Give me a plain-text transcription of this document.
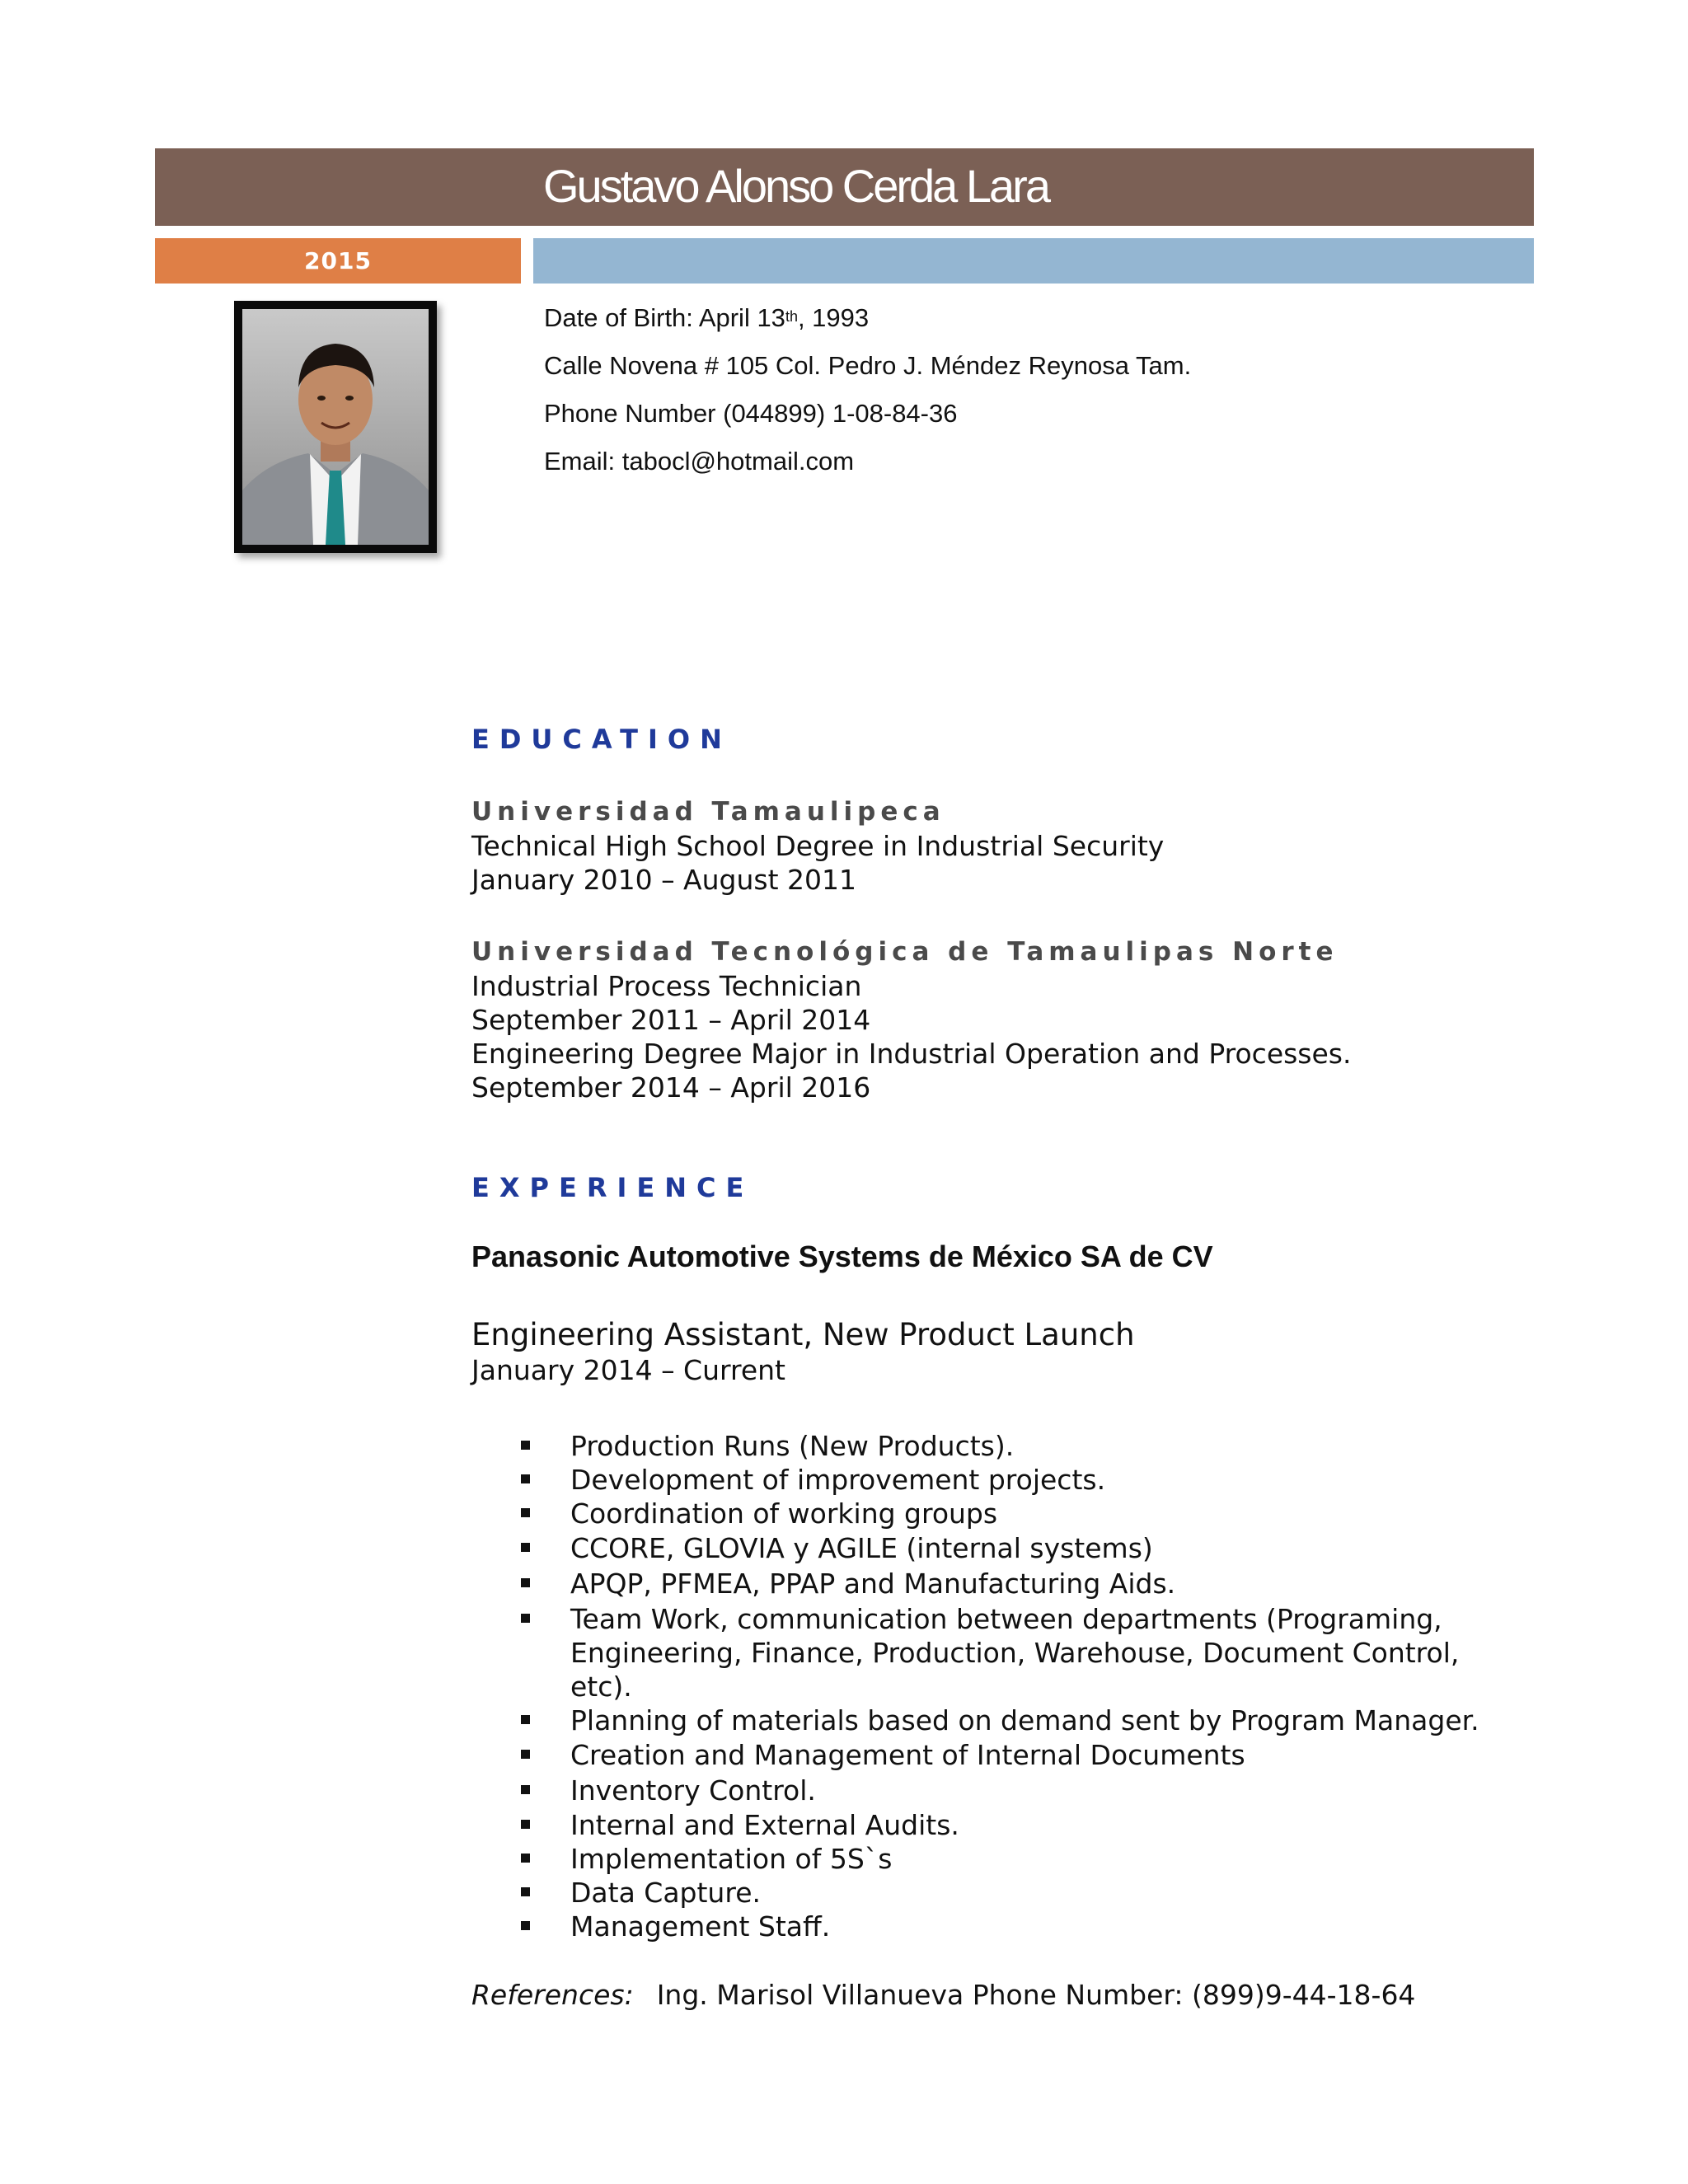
Gustavo Alonso Cerda Lara
2015
Date of Birth: April 13th, 1993
Calle Novena # 105 Col. Pedro J. Méndez Reynosa Tam.
Phone Number (044899) 1-08-84-36
Email: tabocl@hotmail.com
EDUCATION
Universidad Tamaulipeca
Technical High School Degree in Industrial Security
January 2010 – August 2011
Universidad Tecnológica de Tamaulipas Norte
Industrial Process Technician
September 2011 – April 2014
Engineering Degree Major in Industrial Operation and Processes.
September 2014 – April 2016
EXPERIENCE
Panasonic Automotive Systems de México SA de CV
Engineering Assistant, New Product Launch
January 2014 – Current
Production Runs (New Products).
Development of improvement projects.
Coordination of working groups
CCORE, GLOVIA y AGILE (internal systems)
APQP, PFMEA, PPAP and Manufacturing Aids.
Team Work, communication between departments (Programing, Engineering, Finance, Production, Warehouse, Document Control, etc).
Planning of materials based on demand sent by Program Manager.
Creation and Management of Internal Documents
Inventory Control.
Internal and External Audits.
Implementation of 5S`s
Data Capture.
Management Staff.
References: Ing. Marisol Villanueva Phone Number: (899)9-44-18-64
